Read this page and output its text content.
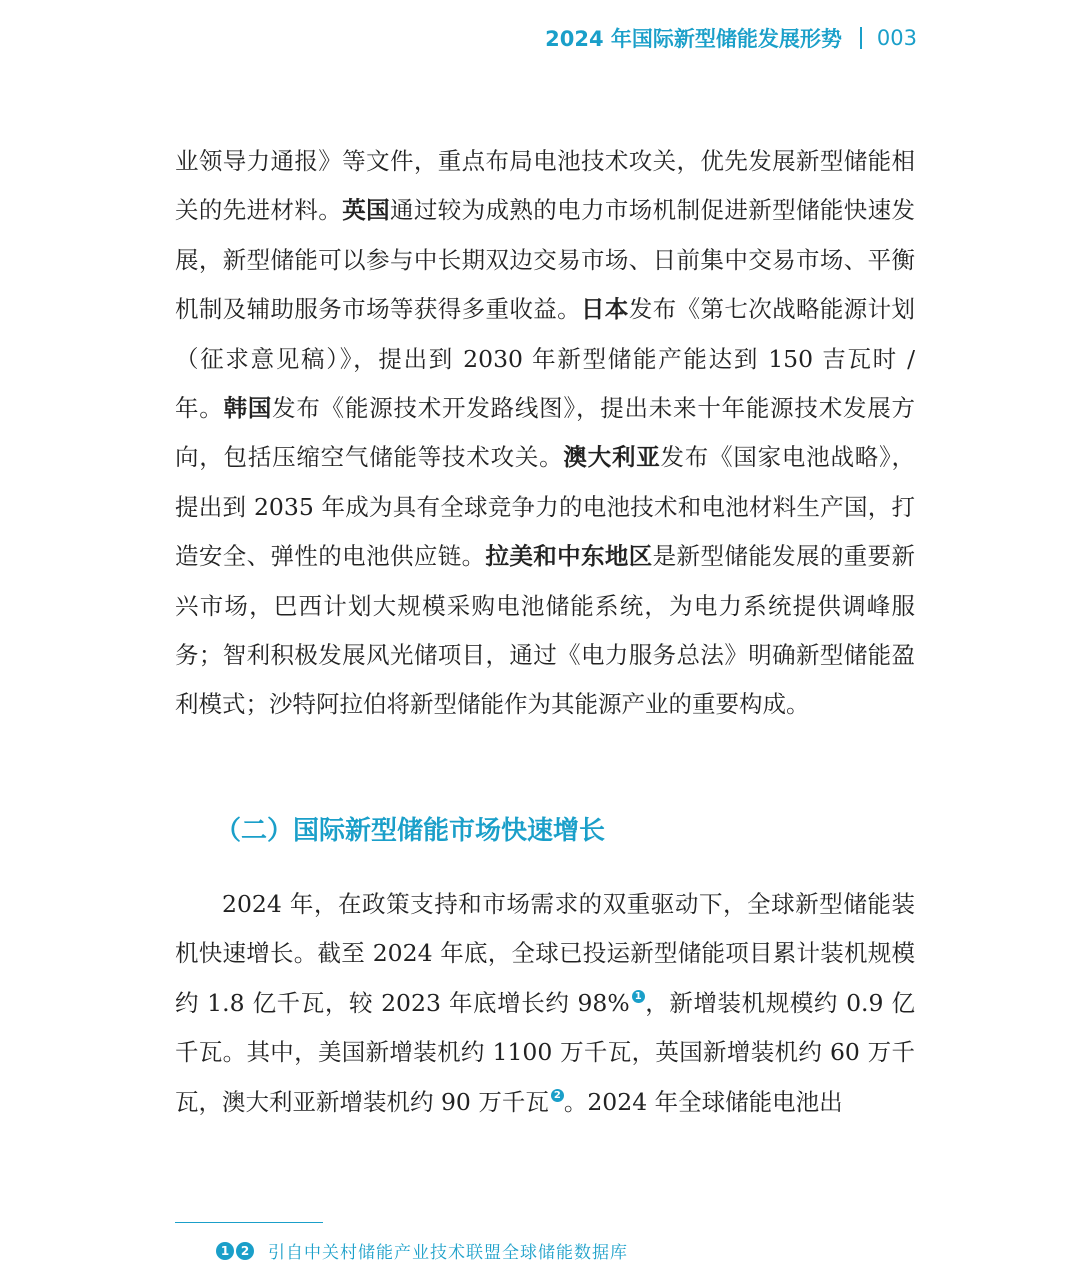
2024 年国际新型储能发展形势 003

业领导力通报》等文件，重点布局电池技术攻关，优先发展新型储能相关的先进材料。英国通过较为成熟的电力市场机制促进新型储能快速发展，新型储能可以参与中长期双边交易市场、日前集中交易市场、平衡机制及辅助服务市场等获得多重收益。日本发布《第七次战略能源计划（征求意见稿）》，提出到 2030 年新型储能产能达到 150 吉瓦时 / 年。韩国发布《能源技术开发路线图》，提出未来十年能源技术发展方向，包括压缩空气储能等技术攻关。澳大利亚发布《国家电池战略》，提出到 2035 年成为具有全球竞争力的电池技术和电池材料生产国，打造安全、弹性的电池供应链。拉美和中东地区是新型储能发展的重要新兴市场，巴西计划大规模采购电池储能系统，为电力系统提供调峰服务；智利积极发展风光储项目，通过《电力服务总法》明确新型储能盈利模式；沙特阿拉伯将新型储能作为其能源产业的重要构成。

（二）国际新型储能市场快速增长

2024 年，在政策支持和市场需求的双重驱动下，全球新型储能装机快速增长。截至 2024 年底，全球已投运新型储能项目累计装机规模约 1.8 亿千瓦，较 2023 年底增长约 98% $^1$ ，新增装机规模约 0.9 亿千瓦。其中，美国新增装机约 1100 万千瓦，英国新增装机约 60 万千瓦，澳大利亚新增装机约 90 万千瓦 $^2$ 。2024 年全球储能电池出

1 2 引自中关村储能产业技术联盟全球储能数据库
